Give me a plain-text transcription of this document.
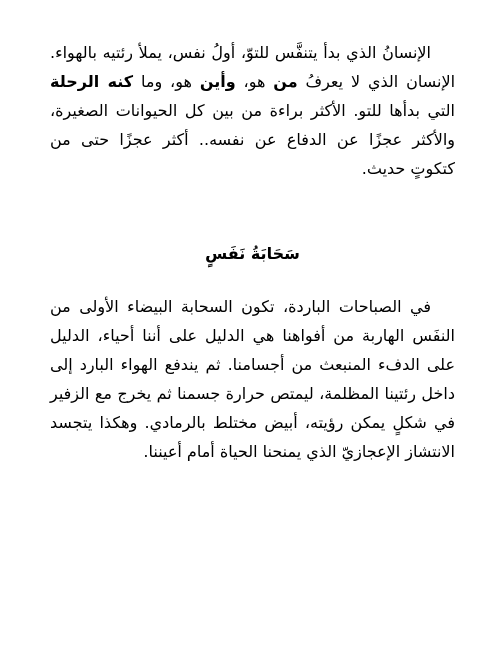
الإنسانُ الذي بدأ يتنفَّس للتوّ، أولُ نفس، يملأ رئتيه بالهواء. الإنسان الذي لا يعرفُ من هو، وأين هو، وما كنه الرحلة التي بدأها للتو. الأكثر براءة من بين كل الحيوانات الصغيرة، والأكثر عجزًا عن الدفاع عن نفسه.. أكثر عجزًا حتى من كتكوتٍ حديث.

سَحَابَةُ نَفَسٍ

في الصباحات الباردة، تكون السحابة البيضاء الأولى من النفَس الهاربة من أفواهنا هي الدليل على أننا أحياء، الدليل على الدفء المنبعث من أجسامنا. ثم يندفع الهواء البارد إلى داخل رئتينا المظلمة، ليمتص حرارة جسمنا ثم يخرج مع الزفير في شكلٍ يمكن رؤيته، أبيض مختلط بالرمادي. وهكذا يتجسد الانتشاز الإعجازيّ الذي يمنحنا الحياة أمام أعيننا.
